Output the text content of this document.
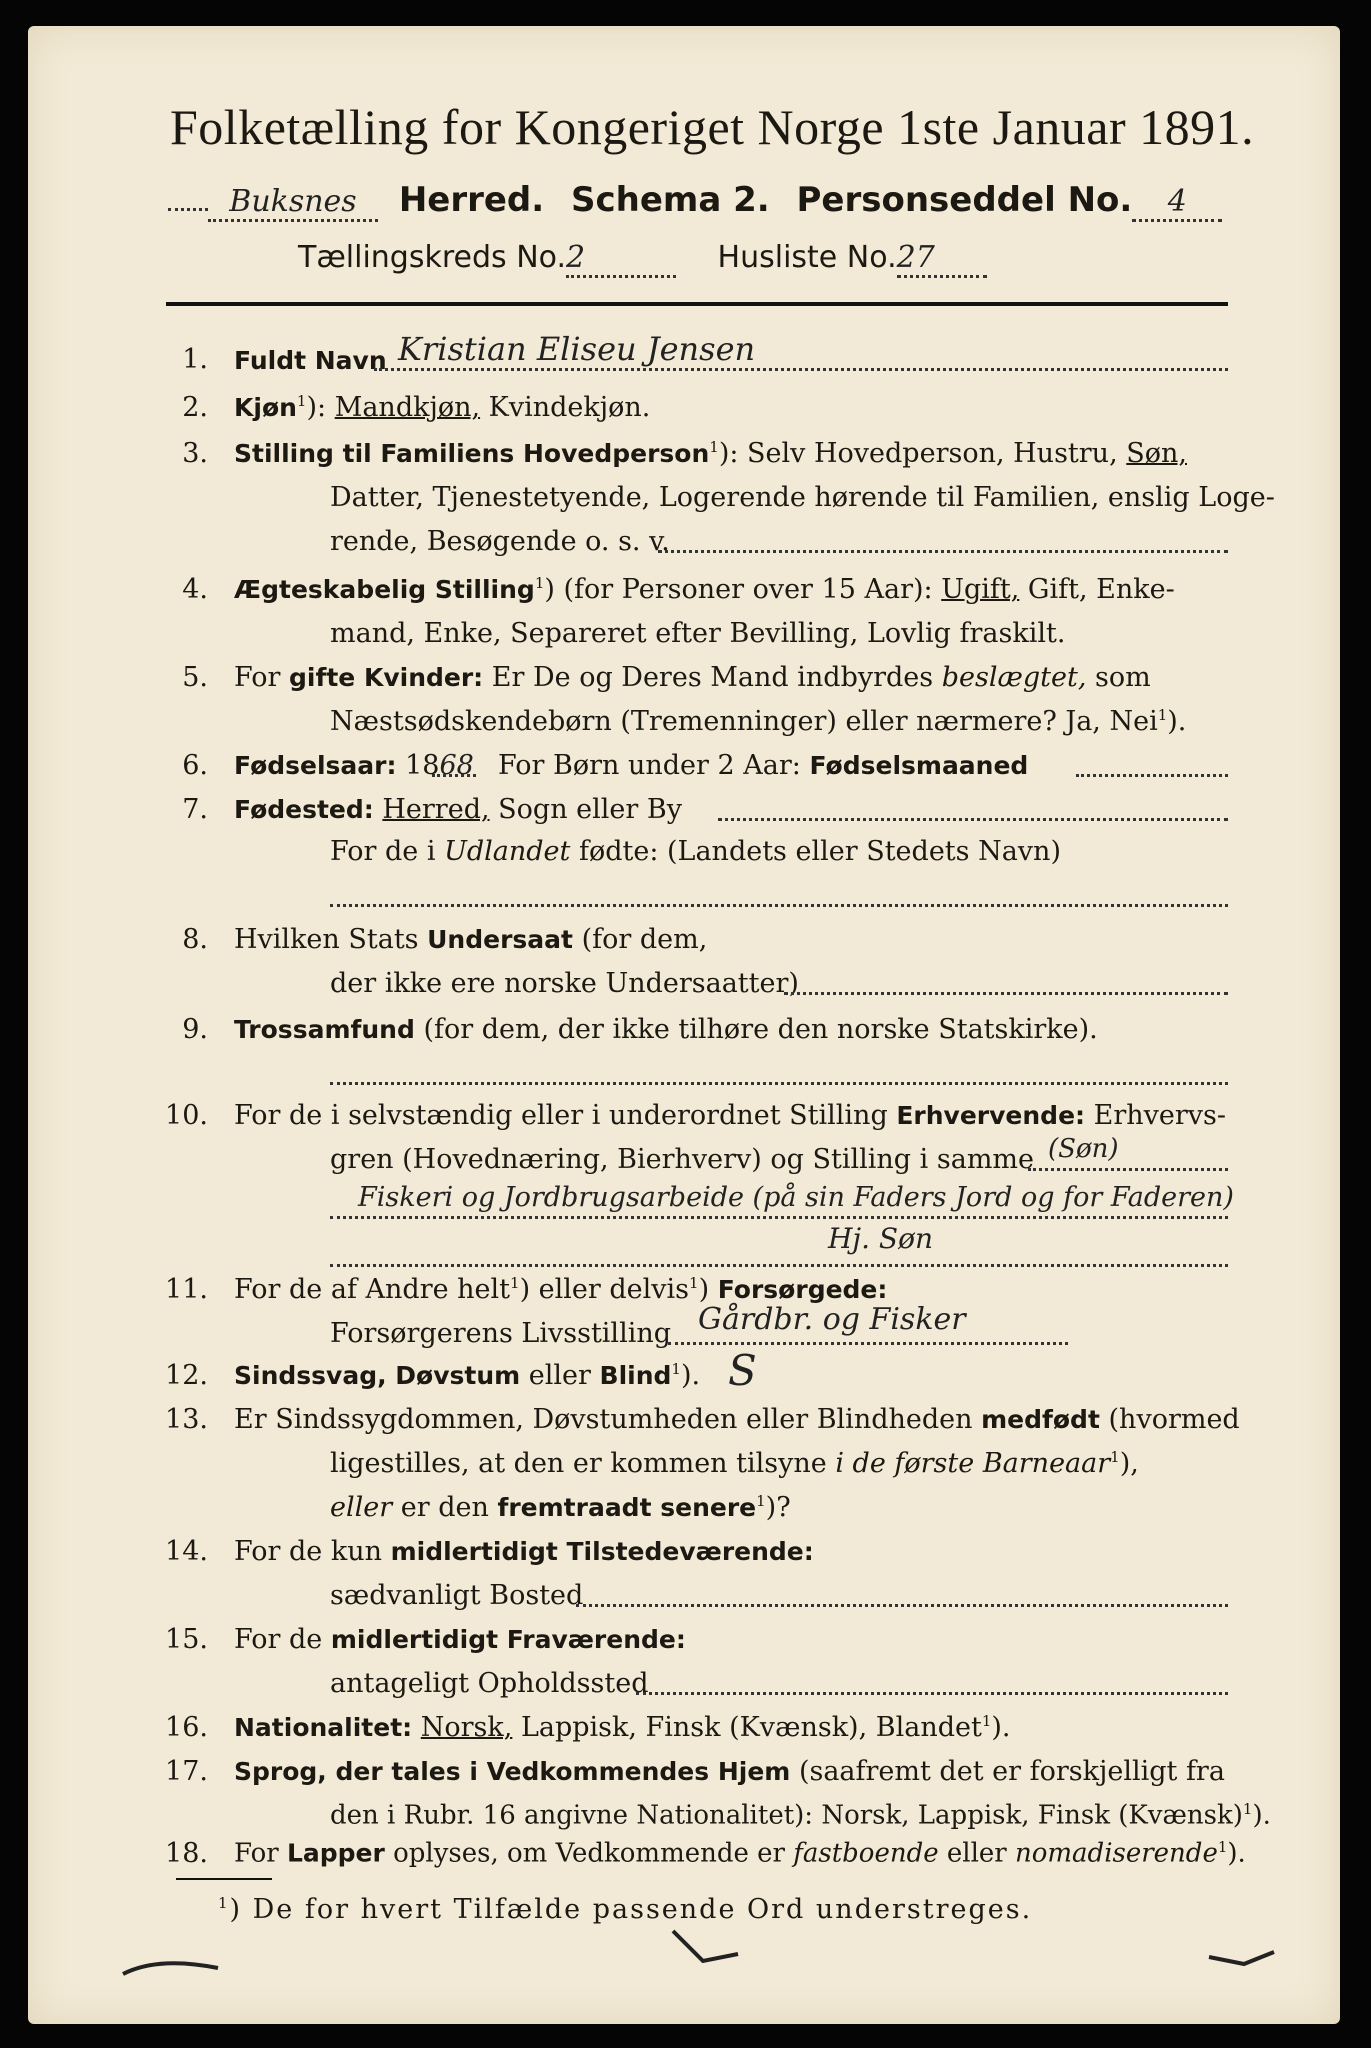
Folketælling for Kongeriget Norge 1ste Januar 1891.
Buksnes Herred. Schema 2. Personseddel No. 4
Tællingskreds No.2	Husliste No.27
1. Fuldt Navn Kristian Eliseu Jensen
2. Kjøn$^1$): Mandkjøn, Kvindekjøn.
3. Stilling til Familiens Hovedperson$^1$): Selv Hovedperson, Hustru, Søn,
Datter, Tjenestetyende, Logerende hørende til Familien, enslig Loge-
rende, Besøgende o. s. v.
4. Ægteskabelig Stilling$^1$) (for Personer over 15 Aar): Ugift, Gift, Enke-
mand, Enke, Separeret efter Bevilling, Lovlig fraskilt.
5. For gifte Kvinder: Er De og Deres Mand indbyrdes beslægtet, som
Næstsødskendebørn (Tremenninger) eller nærmere? Ja, Nei$^1$).
6. Fødselsaar: 1868 For Børn under 2 Aar: Fødselsmaaned
7. Fødested: Herred, Sogn eller By
For de i Udlandet fødte: (Landets eller Stedets Navn)
8. Hvilken Stats Undersaat (for dem,
der ikke ere norske Undersaatter)
9. Trossamfund (for dem, der ikke tilhøre den norske Statskirke).
10. For de i selvstændig eller i underordnet Stilling Erhvervende: Erhvervs-
gren (Hovednæring, Bierhverv) og Stilling i samme (Søn)
Fiskeri og Jordbrugsarbeide (på sin Faders Jord og for Faderen)
Hj. Søn
11. For de af Andre helt$^1$) eller delvis$^1$) Forsørgede:
Forsørgerens Livsstilling Gårdbr. og Fisker
12. Sindssvag, Døvstum eller Blind$^1$). S
13. Er Sindssygdommen, Døvstumheden eller Blindheden medfødt (hvormed
ligestilles, at den er kommen tilsyne i de første Barneaar$^1$),
eller er den fremtraadt senere$^1$)?
14. For de kun midlertidigt Tilstedeværende:
sædvanligt Bosted
15. For de midlertidigt Fraværende:
antageligt Opholdssted
16. Nationalitet: Norsk, Lappisk, Finsk (Kvænsk), Blandet$^1$).
17. Sprog, der tales i Vedkommendes Hjem (saafremt det er forskjelligt fra
den i Rubr. 16 angivne Nationalitet): Norsk, Lappisk, Finsk (Kvænsk)$^1$).
18. For Lapper oplyses, om Vedkommende er fastboende eller nomadiserende$^1$).
$^1$) De for hvert Tilfælde passende Ord understreges.
